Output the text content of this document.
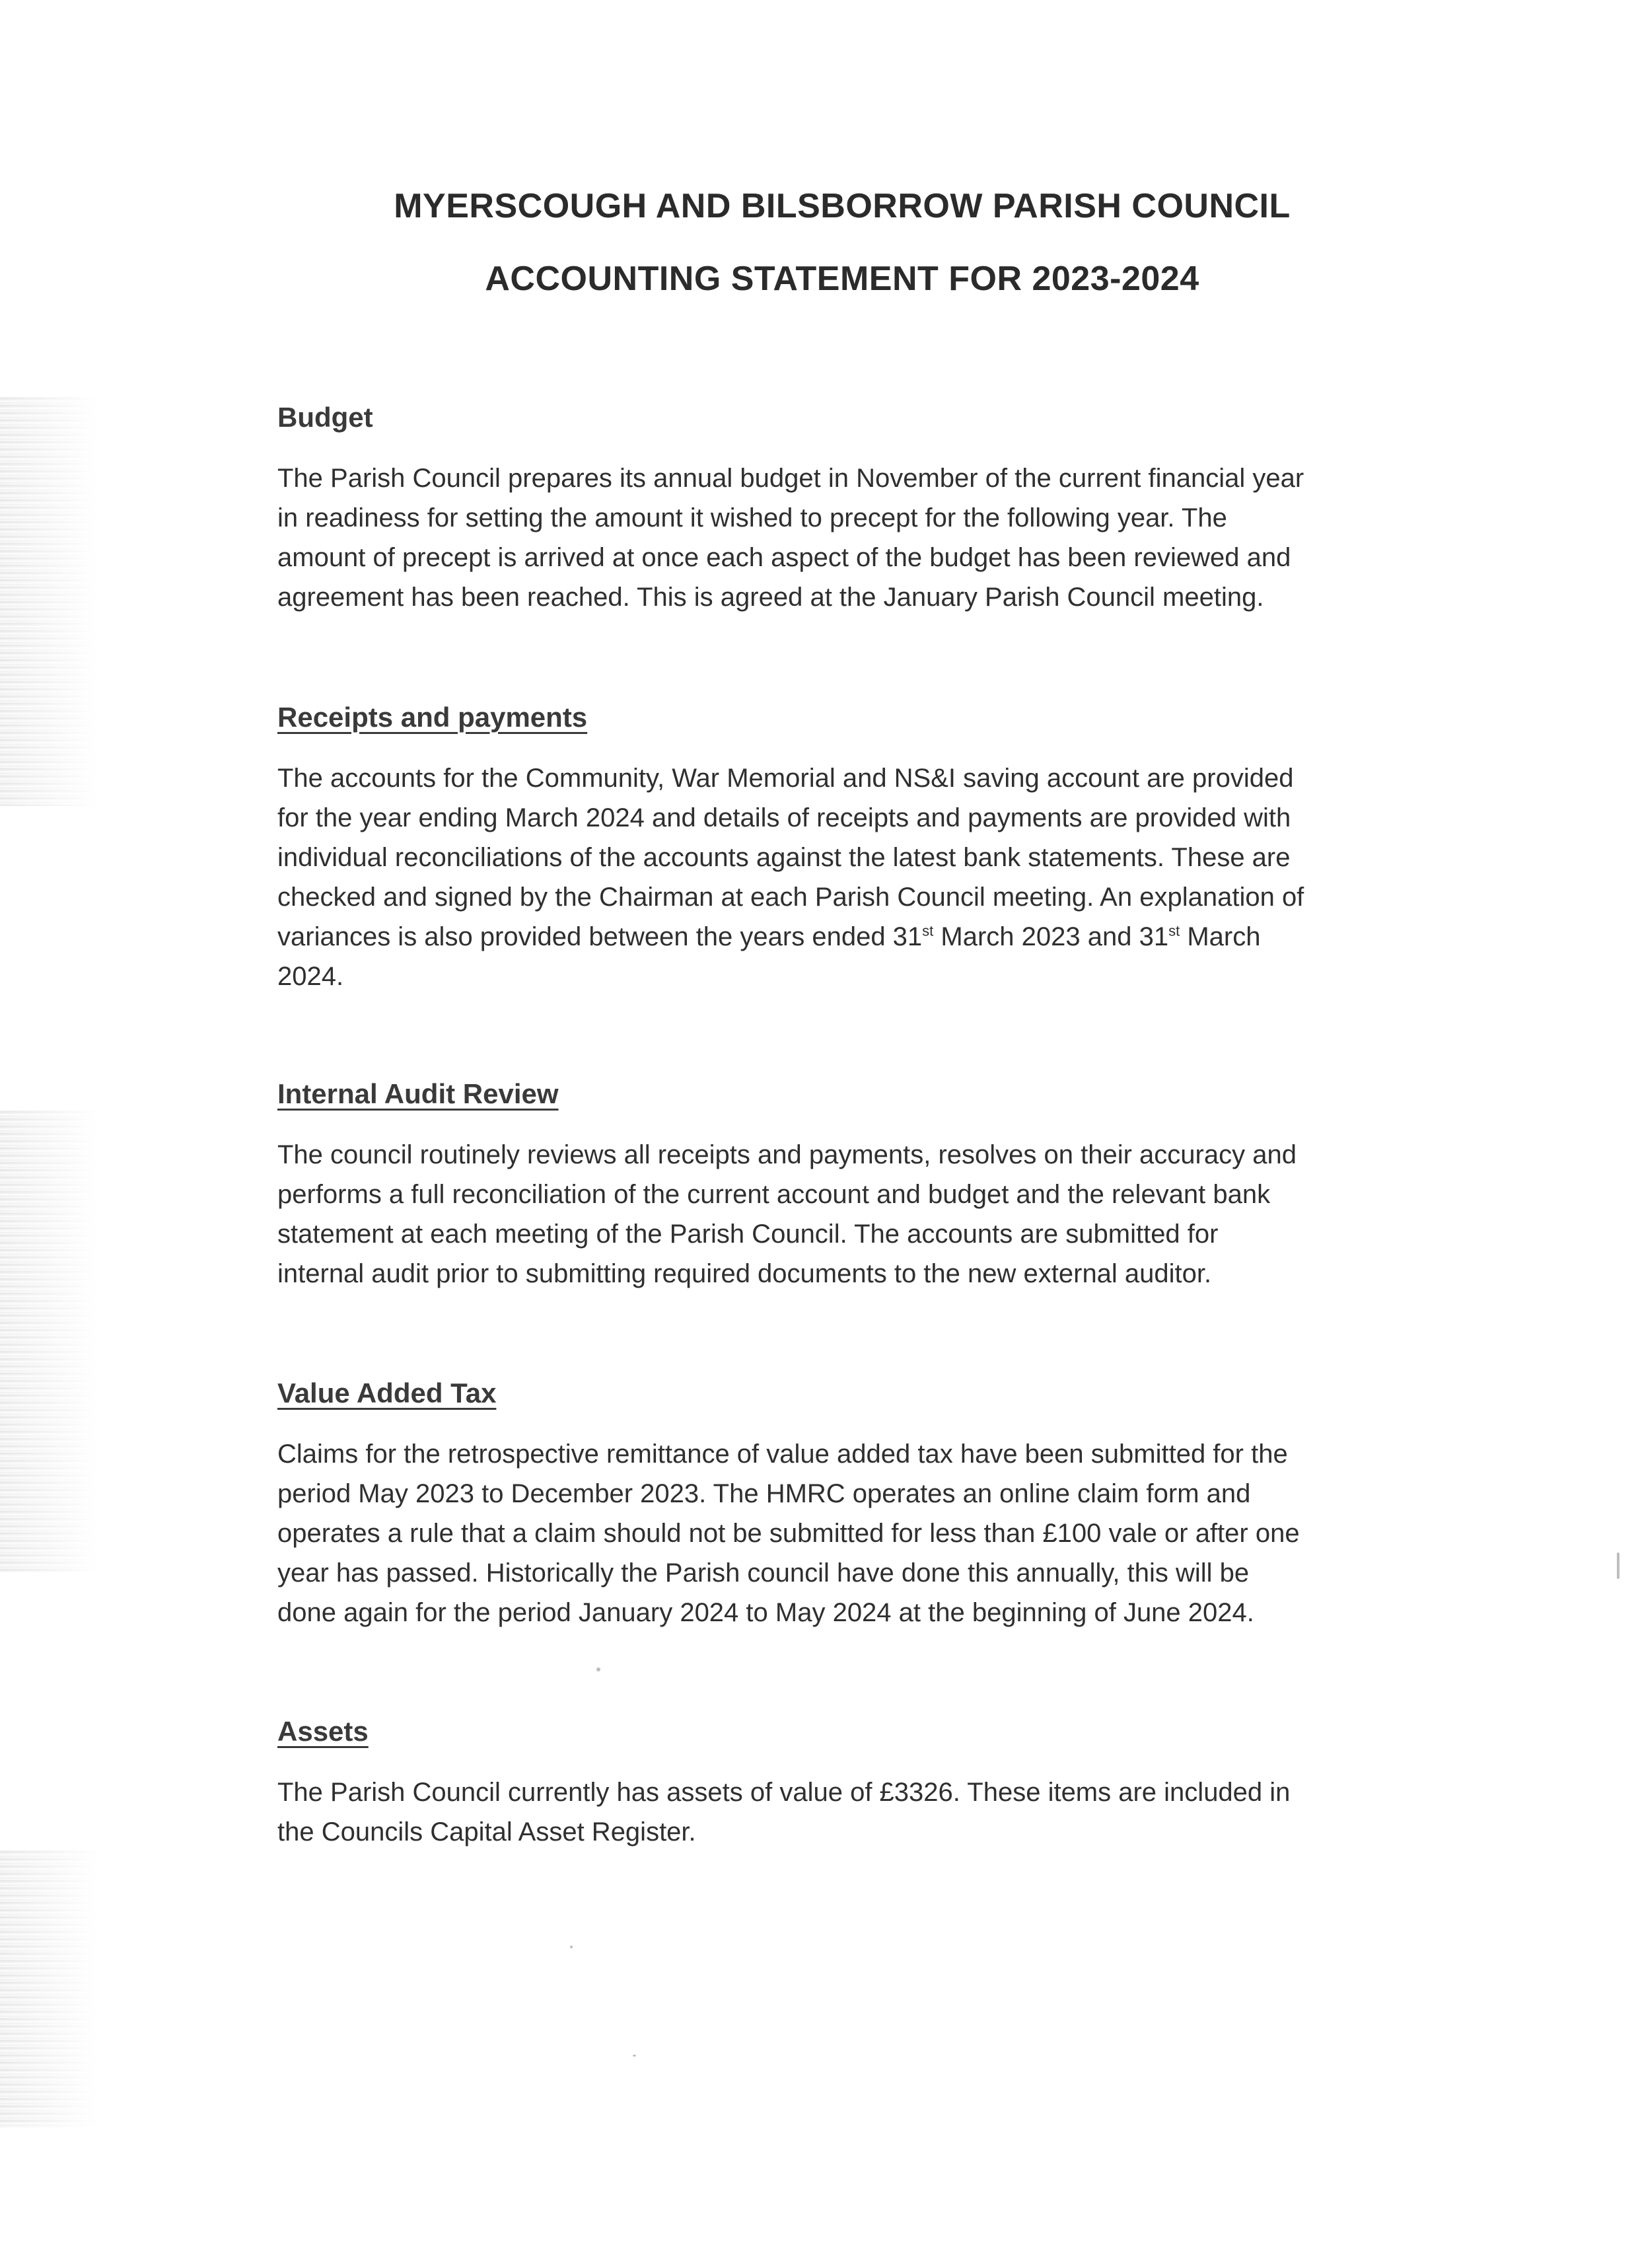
MYERSCOUGH AND BILSBORROW PARISH COUNCIL
ACCOUNTING STATEMENT FOR 2023-2024
Budget
The Parish Council prepares its annual budget in November of the current financial year
in readiness for setting the amount it wished to precept for the following year. The
amount of precept is arrived at once each aspect of the budget has been reviewed and
agreement has been reached. This is agreed at the January Parish Council meeting.
Receipts and payments
The accounts for the Community, War Memorial and NS&I saving account are provided
for the year ending March 2024 and details of receipts and payments are provided with
individual reconciliations of the accounts against the latest bank statements. These are
checked and signed by the Chairman at each Parish Council meeting. An explanation of
variances is also provided between the years ended 31st March 2023 and 31st March
2024.
Internal Audit Review
The council routinely reviews all receipts and payments, resolves on their accuracy and
performs a full reconciliation of the current account and budget and the relevant bank
statement at each meeting of the Parish Council. The accounts are submitted for
internal audit prior to submitting required documents to the new external auditor.
Value Added Tax
Claims for the retrospective remittance of value added tax have been submitted for the
period May 2023 to December 2023. The HMRC operates an online claim form and
operates a rule that a claim should not be submitted for less than £100 vale or after one
year has passed. Historically the Parish council have done this annually, this will be
done again for the period January 2024 to May 2024 at the beginning of June 2024.
Assets
The Parish Council currently has assets of value of £3326. These items are included in
the Councils Capital Asset Register.
